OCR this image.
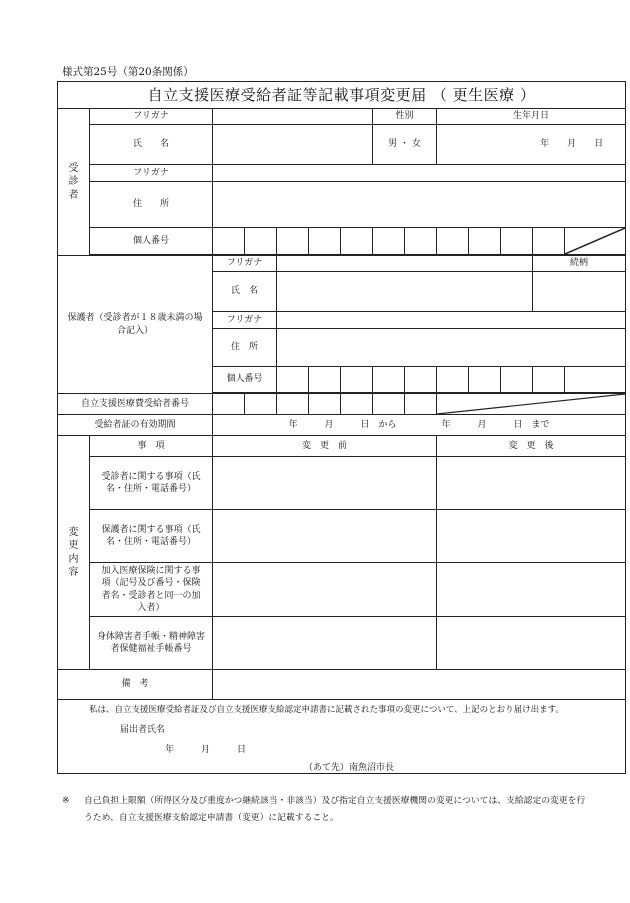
様式第25号（第20条関係）
自立支援医療受給者証等記載事項変更届 （ 更生医療 ）													
受
診
者	フリガナ						性別		生年月日				
	氏　　名						男 ・ 女		年　　月　　日				
	フリガナ												
	住　　所												
	個人番号												

保護者（受診者が１８歳未満の場合記入）		フリガナ										続柄	
		氏　名											
		フリガナ											
		住　所											
		個人番号											

自立支援医療費受給者番号								

受給者証の有効期間		年　　　月　　　日　から　　　　　年　　　月　　　日　まで											
変
更
内
容	事　項	変　更　前							変　更　後				
	受診者に関する事項（氏名・住所・電話番号）												
	保護者に関する事項（氏名・住所・電話番号）												
	加入医療保険に関する事項（記号及び番号・保険者名・受診者と同一の加入者）												
	身体障害者手帳・精神障害者保健福祉手帳番号												
備　考													

私は、自立支援医療受給者証及び自立支援医療支給認定申請書に記載された事項の変更について、上記のとおり届け出ます。
届出者氏名
年　　　月　　　日
（あて先）南魚沼市長													
※ 自己負担上限額（所得区分及び重度かつ継続該当・非該当）及び指定自立支援医療機関の変更については、支給認定の変更を行うため、自立支援医療支給認定申請書（変更）に記載すること。
